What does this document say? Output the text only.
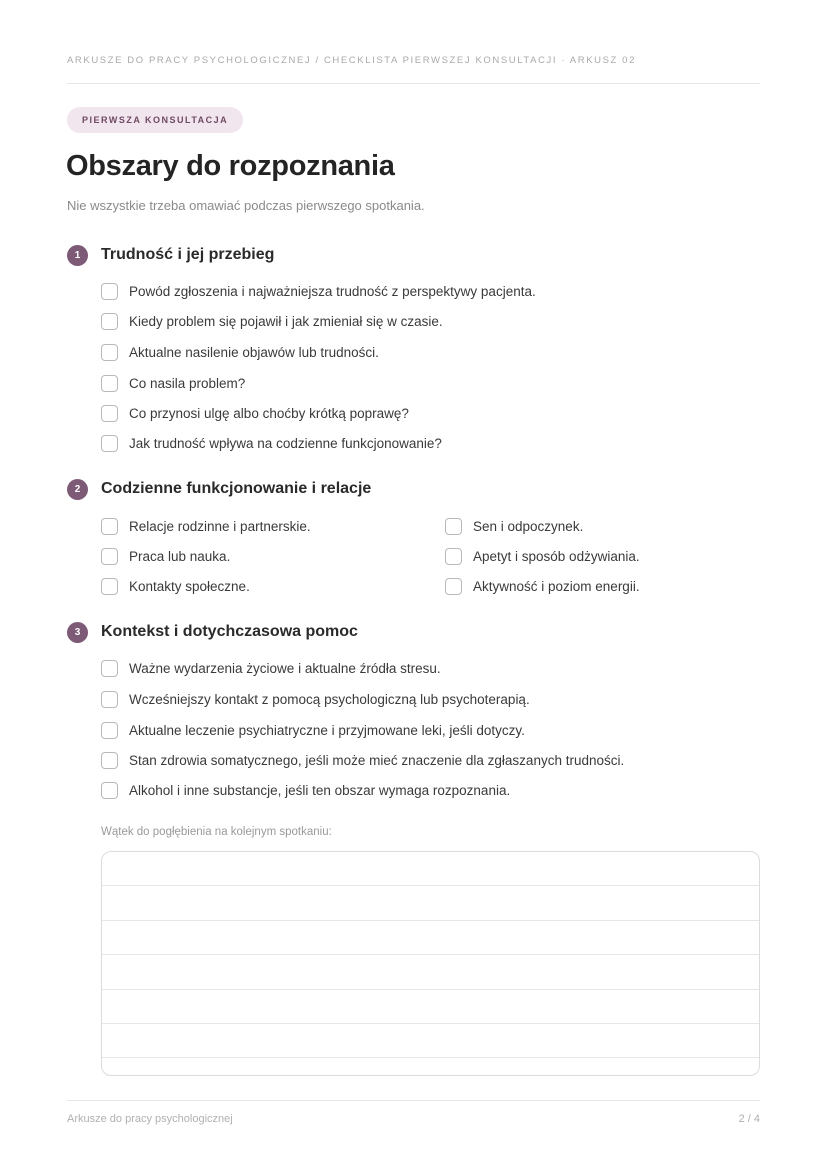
ARKUSZE DO PRACY PSYCHOLOGICZNEJ / CHECKLISTA PIERWSZEJ KONSULTACJI · ARKUSZ 02
PIERWSZA KONSULTACJA
Obszary do rozpoznania
Nie wszystkie trzeba omawiać podczas pierwszego spotkania.
1	Trudność i jej przebieg
Powód zgłoszenia i najważniejsza trudność z perspektywy pacjenta.
Kiedy problem się pojawił i jak zmieniał się w czasie.
Aktualne nasilenie objawów lub trudności.
Co nasila problem?
Co przynosi ulgę albo choćby krótką poprawę?
Jak trudność wpływa na codzienne funkcjonowanie?
2	Codzienne funkcjonowanie i relacje
Relacje rodzinne i partnerskie.
Praca lub nauka.
Kontakty społeczne.
Sen i odpoczynek.
Apetyt i sposób odżywiania.
Aktywność i poziom energii.
3	Kontekst i dotychczasowa pomoc
Ważne wydarzenia życiowe i aktualne źródła stresu.
Wcześniejszy kontakt z pomocą psychologiczną lub psychoterapią.
Aktualne leczenie psychiatryczne i przyjmowane leki, jeśli dotyczy.
Stan zdrowia somatycznego, jeśli może mieć znaczenie dla zgłaszanych trudności.
Alkohol i inne substancje, jeśli ten obszar wymaga rozpoznania.
Wątek do pogłębienia na kolejnym spotkaniu:
Arkusze do pracy psychologicznej	2 / 4
